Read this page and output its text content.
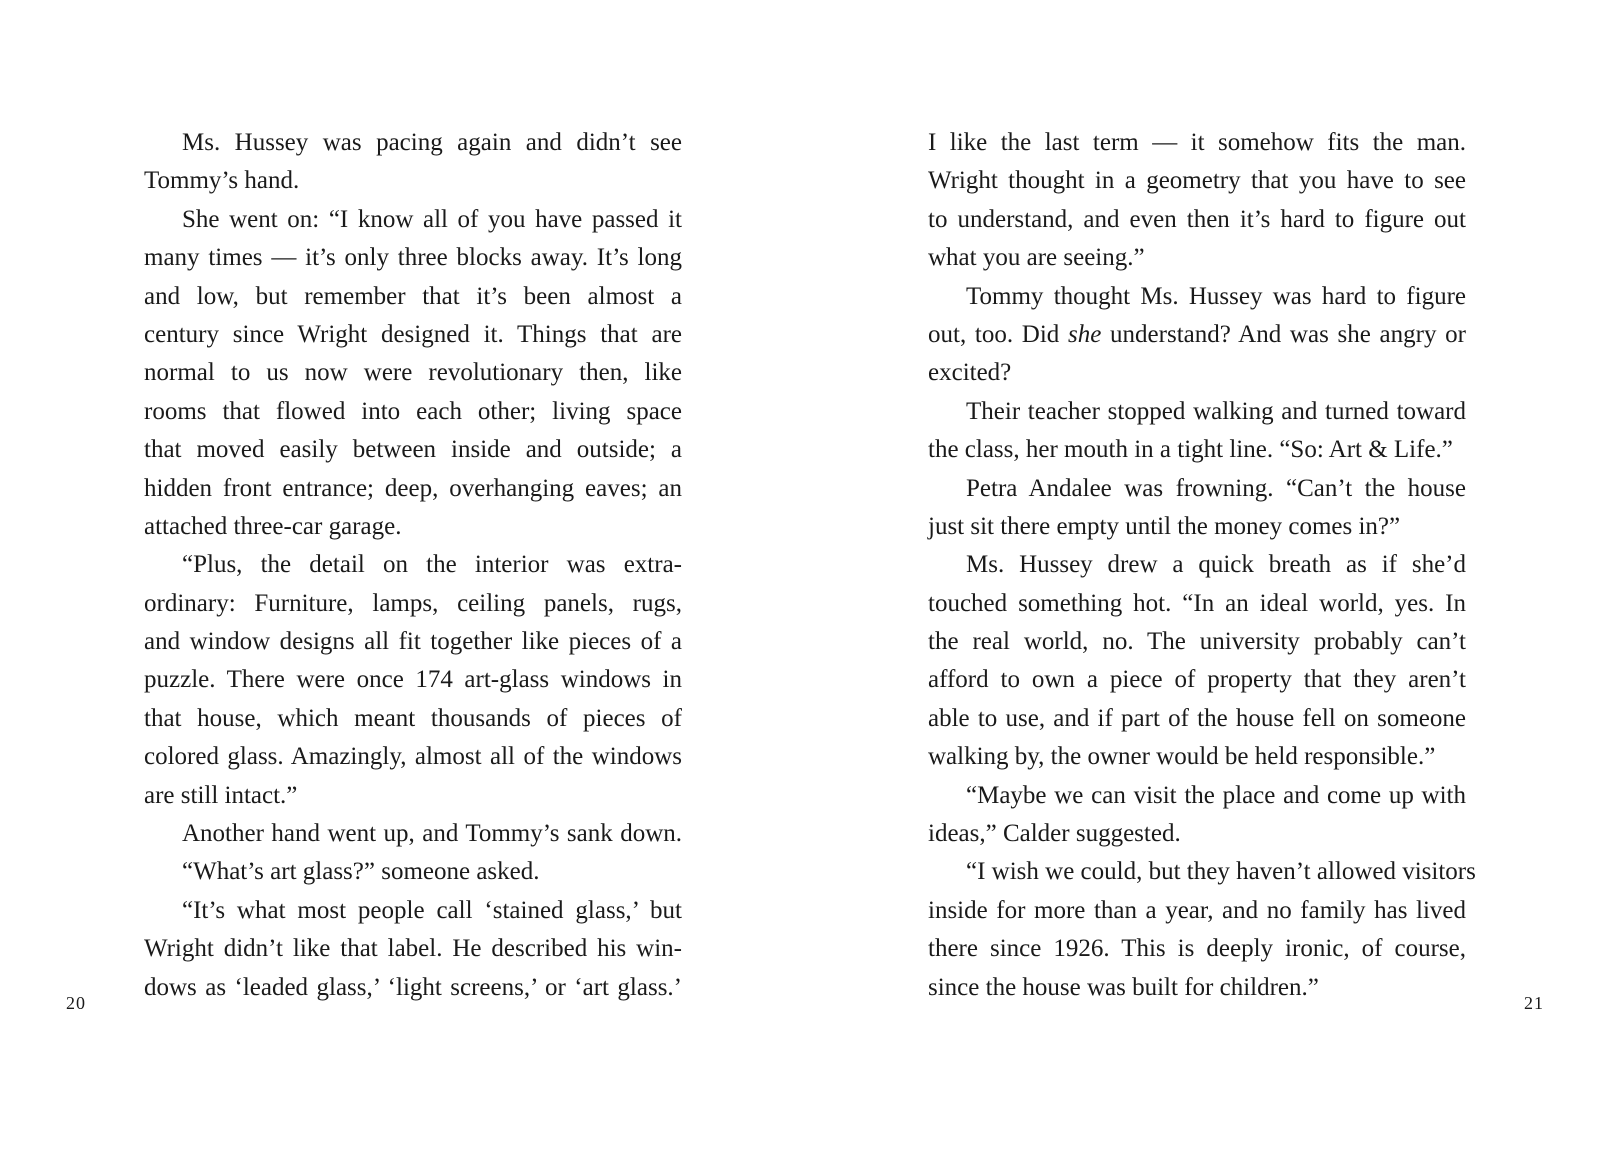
Ms. Hussey was pacing again and didn’t see
Tommy’s hand.
She went on: “I know all of you have passed it
many times — it’s only three blocks away. It’s long
and low, but remember that it’s been almost a
century since Wright designed it. Things that are
normal to us now were revolutionary then, like
rooms that flowed into each other; living space
that moved easily between inside and outside; a
hidden front entrance; deep, overhanging eaves; an
attached three-car garage.
“Plus, the detail on the interior was extra-
ordinary: Furniture, lamps, ceiling panels, rugs,
and window designs all fit together like pieces of a
puzzle. There were once 174 art-glass windows in
that house, which meant thousands of pieces of
colored glass. Amazingly, almost all of the windows
are still intact.”
Another hand went up, and Tommy’s sank down.
“What’s art glass?” someone asked.
“It’s what most people call ‘stained glass,’ but
Wright didn’t like that label. He described his win-
dows as ‘leaded glass,’ ‘light screens,’ or ‘art glass.’
20
I like the last term — it somehow fits the man.
Wright thought in a geometry that you have to see
to understand, and even then it’s hard to figure out
what you are seeing.”
Tommy thought Ms. Hussey was hard to figure
out, too. Did she understand? And was she angry or
excited?
Their teacher stopped walking and turned toward
the class, her mouth in a tight line. “So: Art & Life.”
Petra Andalee was frowning. “Can’t the house
just sit there empty until the money comes in?”
Ms. Hussey drew a quick breath as if she’d
touched something hot. “In an ideal world, yes. In
the real world, no. The university probably can’t
afford to own a piece of property that they aren’t
able to use, and if part of the house fell on someone
walking by, the owner would be held responsible.”
“Maybe we can visit the place and come up with
ideas,” Calder suggested.
“I wish we could, but they haven’t allowed visitors
inside for more than a year, and no family has lived
there since 1926. This is deeply ironic, of course,
since the house was built for children.”
21
